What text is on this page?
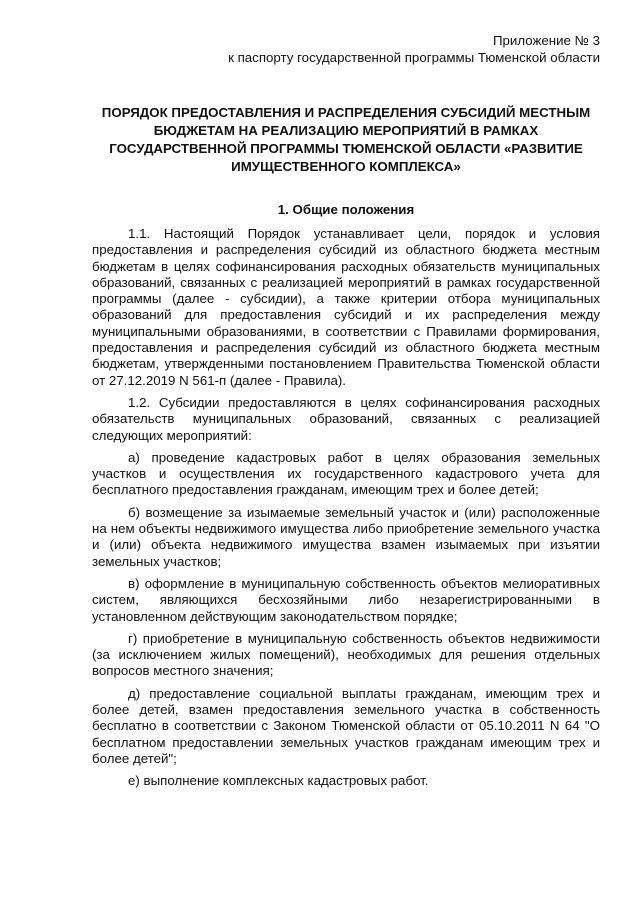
Приложение № 3
к паспорту государственной программы Тюменской области
ПОРЯДОК ПРЕДОСТАВЛЕНИЯ И РАСПРЕДЕЛЕНИЯ СУБСИДИЙ МЕСТНЫМ БЮДЖЕТАМ НА РЕАЛИЗАЦИЮ МЕРОПРИЯТИЙ В РАМКАХ ГОСУДАРСТВЕННОЙ ПРОГРАММЫ ТЮМЕНСКОЙ ОБЛАСТИ «РАЗВИТИЕ ИМУЩЕСТВЕННОГО КОМПЛЕКСА»
1. Общие положения

1.1. Настоящий Порядок устанавливает цели, порядок и условия предоставления и распределения субсидий из областного бюджета местным бюджетам в целях софинансирования расходных обязательств муниципальных образований, связанных с реализацией мероприятий в рамках государственной программы (далее - субсидии), а также критерии отбора муниципальных образований для предоставления субсидий и их распределения между муниципальными образованиями, в соответствии с Правилами формирования, предоставления и распределения субсидий из областного бюджета местным бюджетам, утвержденными постановлением Правительства Тюменской области от 27.12.2019 N 561-п (далее - Правила).

1.2. Субсидии предоставляются в целях софинансирования расходных обязательств муниципальных образований, связанных с реализацией следующих мероприятий:

а) проведение кадастровых работ в целях образования земельных участков и осуществления их государственного кадастрового учета для бесплатного предоставления гражданам, имеющим трех и более детей;

б) возмещение за изымаемые земельный участок и (или) расположенные на нем объекты недвижимого имущества либо приобретение земельного участка и (или) объекта недвижимого имущества взамен изымаемых при изъятии земельных участков;

в) оформление в муниципальную собственность объектов мелиоративных систем, являющихся бесхозяйными либо незарегистрированными в установленном действующим законодательством порядке;

г) приобретение в муниципальную собственность объектов недвижимости (за исключением жилых помещений), необходимых для решения отдельных вопросов местного значения;

д) предоставление социальной выплаты гражданам, имеющим трех и более детей, взамен предоставления земельного участка в собственность бесплатно в соответствии с Законом Тюменской области от 05.10.2011 N 64 "О бесплатном предоставлении земельных участков гражданам имеющим трех и более детей";

е) выполнение комплексных кадастровых работ.
